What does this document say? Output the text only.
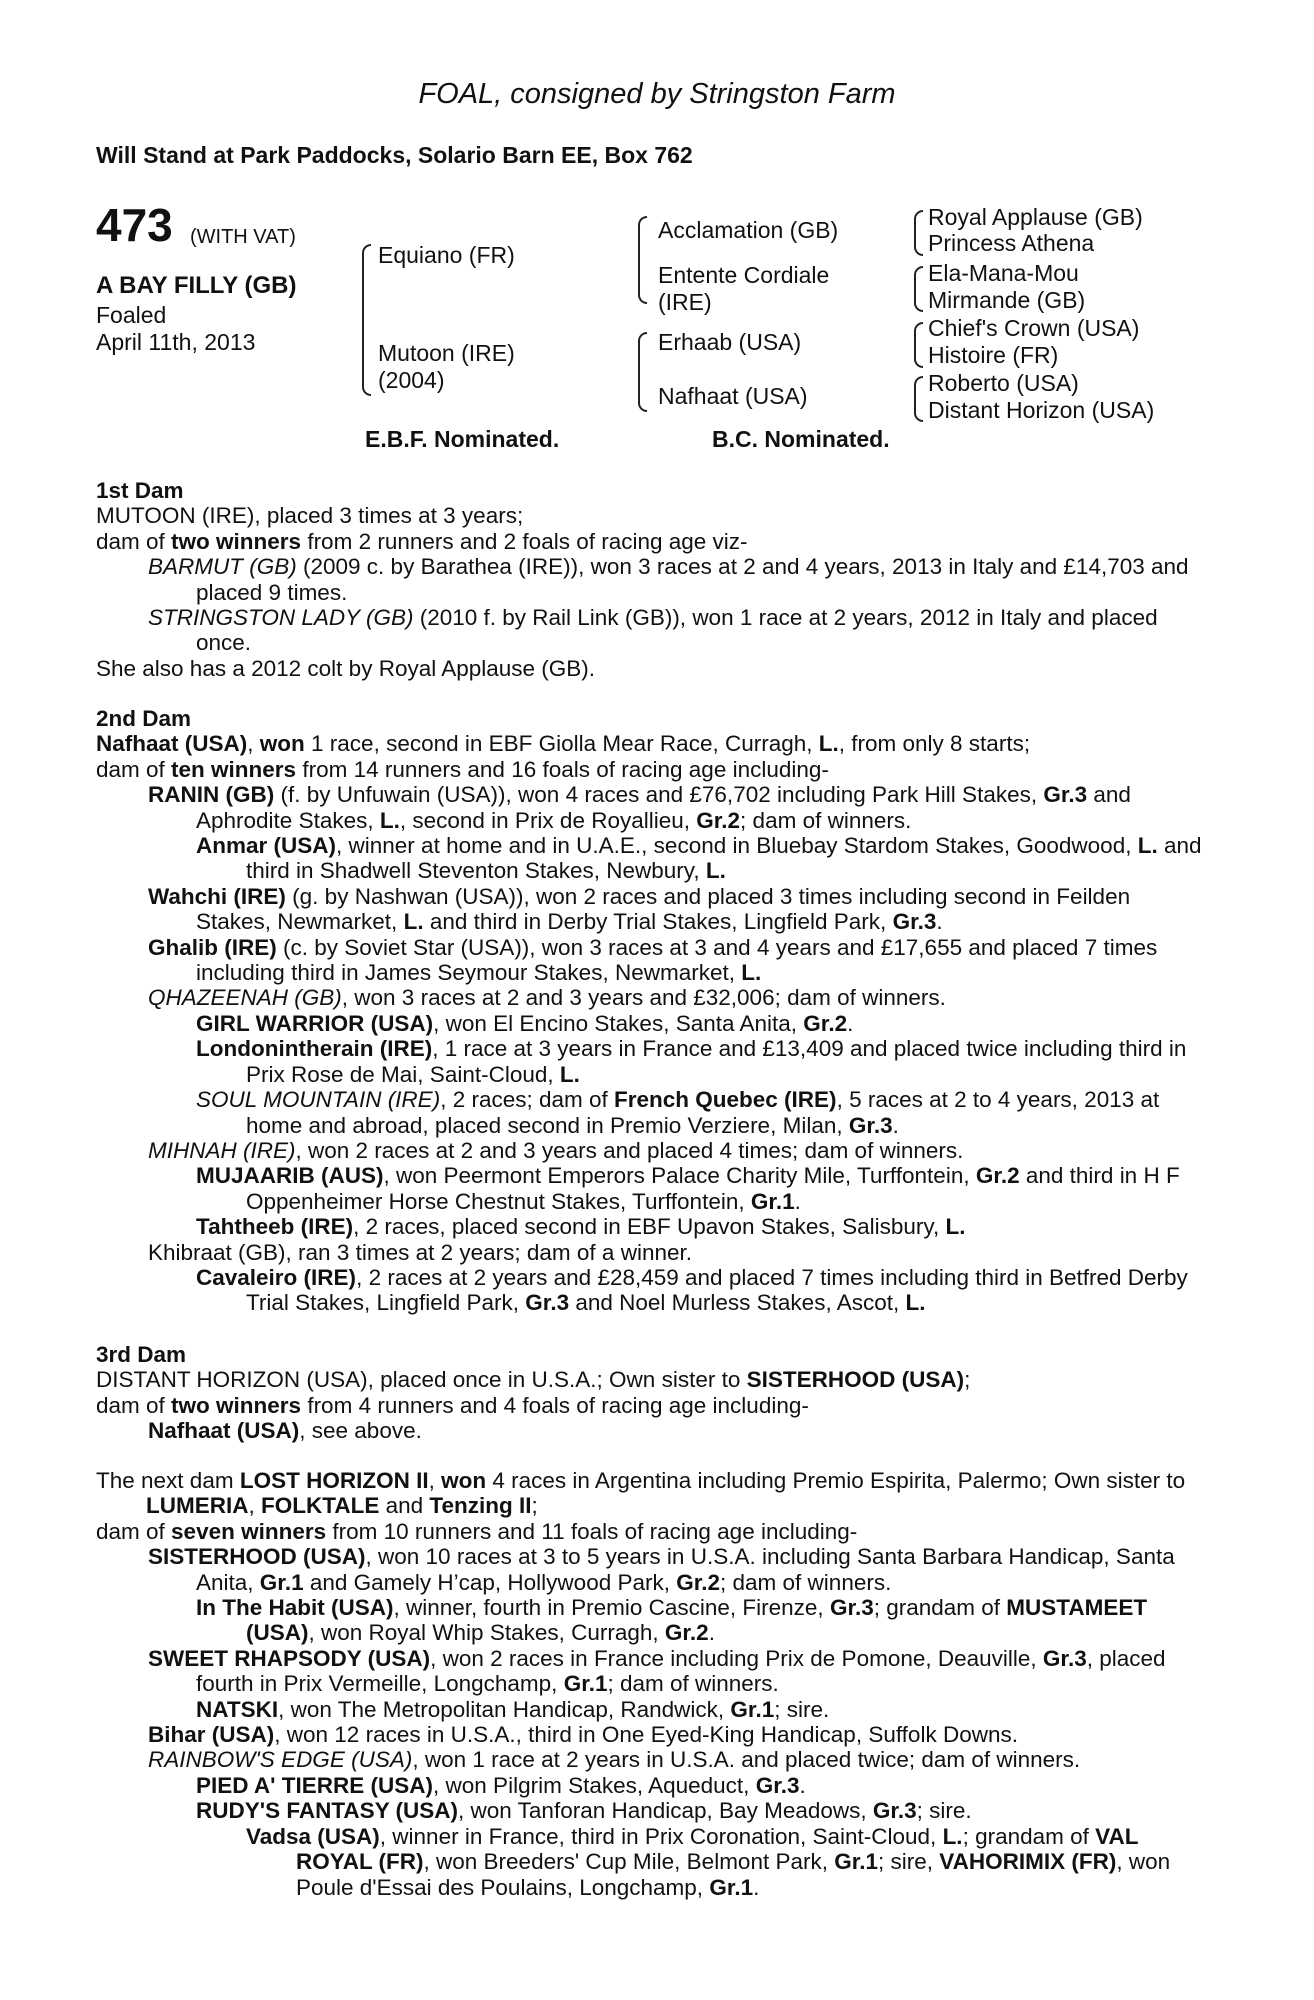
FOAL, consigned by Stringston Farm
Will Stand at Park Paddocks, Solario Barn EE, Box 762
473 (WITH VAT)
A BAY FILLY (GB)
Foaled
April 11th, 2013
Equiano (FR)
Mutoon (IRE)
(2004)
Acclamation (GB)
Entente Cordiale
(IRE)
Erhaab (USA)
Nafhaat (USA)
Royal Applause (GB)
Princess Athena
Ela-Mana-Mou
Mirmande (GB)
Chief's Crown (USA)
Histoire (FR)
Roberto (USA)
Distant Horizon (USA)
E.B.F. Nominated.	B.C. Nominated.
1st Dam
MUTOON (IRE), placed 3 times at 3 years;
dam of two winners from 2 runners and 2 foals of racing age viz-
BARMUT (GB) (2009 c. by Barathea (IRE)), won 3 races at 2 and 4 years, 2013 in Italy and £14,703 and placed 9 times.
STRINGSTON LADY (GB) (2010 f. by Rail Link (GB)), won 1 race at 2 years, 2012 in Italy and placed once.
She also has a 2012 colt by Royal Applause (GB).
2nd Dam
Nafhaat (USA), won 1 race, second in EBF Giolla Mear Race, Curragh, L., from only 8 starts;
dam of ten winners from 14 runners and 16 foals of racing age including-
RANIN (GB) (f. by Unfuwain (USA)), won 4 races and £76,702 including Park Hill Stakes, Gr.3 and Aphrodite Stakes, L., second in Prix de Royallieu, Gr.2; dam of winners.
Anmar (USA), winner at home and in U.A.E., second in Bluebay Stardom Stakes, Goodwood, L. and third in Shadwell Steventon Stakes, Newbury, L.
Wahchi (IRE) (g. by Nashwan (USA)), won 2 races and placed 3 times including second in Feilden Stakes, Newmarket, L. and third in Derby Trial Stakes, Lingfield Park, Gr.3.
Ghalib (IRE) (c. by Soviet Star (USA)), won 3 races at 3 and 4 years and £17,655 and placed 7 times including third in James Seymour Stakes, Newmarket, L.
QHAZEENAH (GB), won 3 races at 2 and 3 years and £32,006; dam of winners.
GIRL WARRIOR (USA), won El Encino Stakes, Santa Anita, Gr.2.
Londonintherain (IRE), 1 race at 3 years in France and £13,409 and placed twice including third in Prix Rose de Mai, Saint-Cloud, L.
SOUL MOUNTAIN (IRE), 2 races; dam of French Quebec (IRE), 5 races at 2 to 4 years, 2013 at home and abroad, placed second in Premio Verziere, Milan, Gr.3.
MIHNAH (IRE), won 2 races at 2 and 3 years and placed 4 times; dam of winners.
MUJAARIB (AUS), won Peermont Emperors Palace Charity Mile, Turffontein, Gr.2 and third in H F Oppenheimer Horse Chestnut Stakes, Turffontein, Gr.1.
Tahtheeb (IRE), 2 races, placed second in EBF Upavon Stakes, Salisbury, L.
Khibraat (GB), ran 3 times at 2 years; dam of a winner.
Cavaleiro (IRE), 2 races at 2 years and £28,459 and placed 7 times including third in Betfred Derby Trial Stakes, Lingfield Park, Gr.3 and Noel Murless Stakes, Ascot, L.
3rd Dam
DISTANT HORIZON (USA), placed once in U.S.A.; Own sister to SISTERHOOD (USA);
dam of two winners from 4 runners and 4 foals of racing age including-
Nafhaat (USA), see above.
The next dam LOST HORIZON II, won 4 races in Argentina including Premio Espirita, Palermo; Own sister to LUMERIA, FOLKTALE and Tenzing II;
dam of seven winners from 10 runners and 11 foals of racing age including-
SISTERHOOD (USA), won 10 races at 3 to 5 years in U.S.A. including Santa Barbara Handicap, Santa Anita, Gr.1 and Gamely H’cap, Hollywood Park, Gr.2; dam of winners.
In The Habit (USA), winner, fourth in Premio Cascine, Firenze, Gr.3; grandam of MUSTAMEET (USA), won Royal Whip Stakes, Curragh, Gr.2.
SWEET RHAPSODY (USA), won 2 races in France including Prix de Pomone, Deauville, Gr.3, placed fourth in Prix Vermeille, Longchamp, Gr.1; dam of winners.
NATSKI, won The Metropolitan Handicap, Randwick, Gr.1; sire.
Bihar (USA), won 12 races in U.S.A., third in One Eyed-King Handicap, Suffolk Downs.
RAINBOW'S EDGE (USA), won 1 race at 2 years in U.S.A. and placed twice; dam of winners.
PIED A' TIERRE (USA), won Pilgrim Stakes, Aqueduct, Gr.3.
RUDY'S FANTASY (USA), won Tanforan Handicap, Bay Meadows, Gr.3; sire.
Vadsa (USA), winner in France, third in Prix Coronation, Saint-Cloud, L.; grandam of VAL ROYAL (FR), won Breeders' Cup Mile, Belmont Park, Gr.1; sire, VAHORIMIX (FR), won Poule d'Essai des Poulains, Longchamp, Gr.1.
